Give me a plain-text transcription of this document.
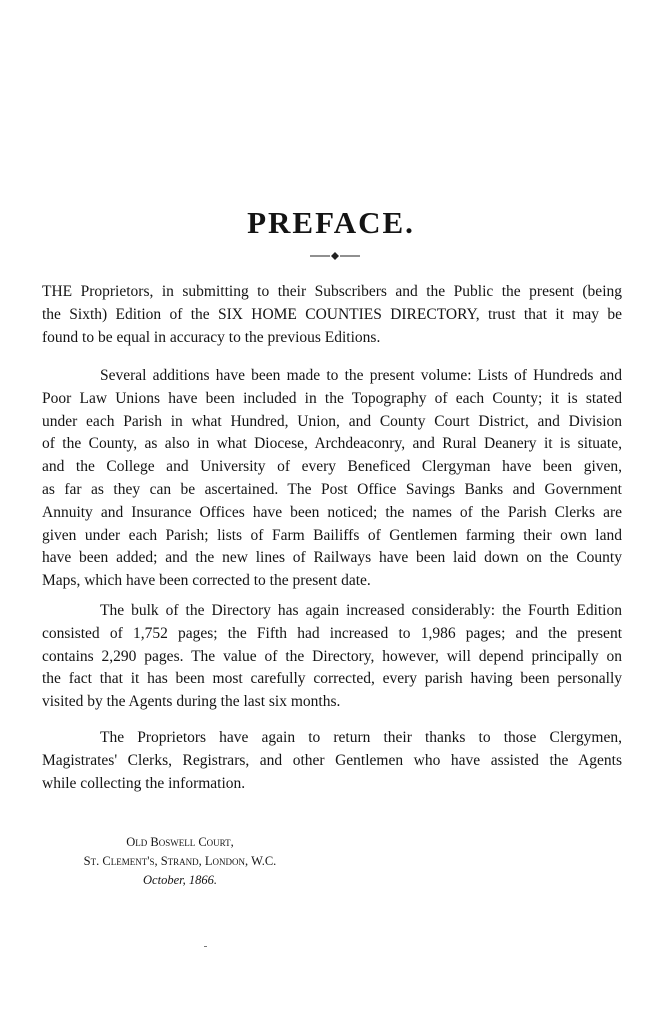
PREFACE.
THE Proprietors, in submitting to their Subscribers and the Public the present (being
the Sixth) Edition of the SIX HOME COUNTIES DIRECTORY, trust that it may be
found to be equal in accuracy to the previous Editions.
Several additions have been made to the present volume: Lists of Hundreds and
Poor Law Unions have been included in the Topography of each County; it is stated
under each Parish in what Hundred, Union, and County Court District, and Division
of the County, as also in what Diocese, Archdeaconry, and Rural Deanery it is situate,
and the College and University of every Beneficed Clergyman have been given,
as far as they can be ascertained. The Post Office Savings Banks and Government
Annuity and Insurance Offices have been noticed; the names of the Parish Clerks are
given under each Parish; lists of Farm Bailiffs of Gentlemen farming their own land
have been added; and the new lines of Railways have been laid down on the County
Maps, which have been corrected to the present date.
The bulk of the Directory has again increased considerably: the Fourth Edition
consisted of 1,752 pages; the Fifth had increased to 1,986 pages; and the present
contains 2,290 pages. The value of the Directory, however, will depend principally on
the fact that it has been most carefully corrected, every parish having been personally
visited by the Agents during the last six months.
The Proprietors have again to return their thanks to those Clergymen,
Magistrates' Clerks, Registrars, and other Gentlemen who have assisted the Agents
while collecting the information.
Old Boswell Court,
St. Clement's, Strand, London, W.C.
October, 1866.
